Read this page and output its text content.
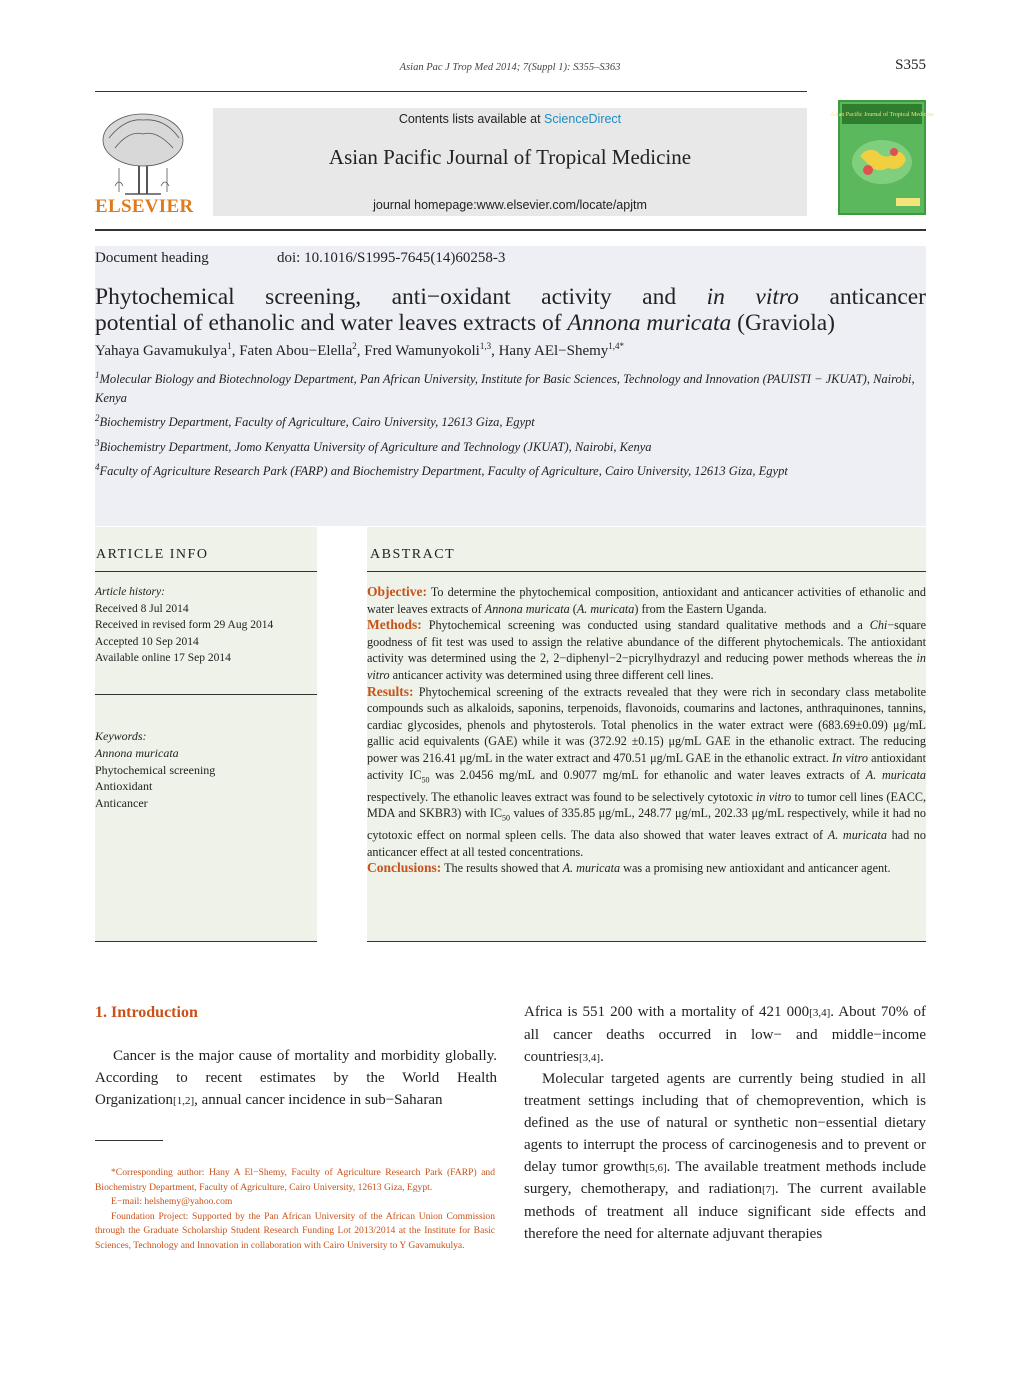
Asian Pac J Trop Med 2014; 7(Suppl 1): S355–S363	S355
ELSEVIER
Contents lists available at ScienceDirect
Asian Pacific Journal of Tropical Medicine
journal homepage:www.elsevier.com/locate/apjtm
Asian Pacific Journal of Tropical Medicine
Document heading	doi: 10.1016/S1995-7645(14)60258-3
Phytochemical screening, anti−oxidant activity and in vitro anticancer
potential of ethanolic and water leaves extracts of Annona muricata (Graviola)
Yahaya Gavamukulya$^1$, Faten Abou−Elella$^2$, Fred Wamunyokoli$^{1,3}$, Hany AEl−Shemy$^{1,4*}$
$^1$Molecular Biology and Biotechnology Department, Pan African University, Institute for Basic Sciences, Technology and Innovation (PAUISTI − JKUAT), Nairobi, Kenya
$^2$Biochemistry Department, Faculty of Agriculture, Cairo University, 12613 Giza, Egypt
$^3$Biochemistry Department, Jomo Kenyatta University of Agriculture and Technology (JKUAT), Nairobi, Kenya
$^4$Faculty of Agriculture Research Park (FARP) and Biochemistry Department, Faculty of Agriculture, Cairo University, 12613 Giza, Egypt
ARTICLE INFO	ABSTRACT
Article history:
Received 8 Jul 2014
Received in revised form 29 Aug 2014
Accepted 10 Sep 2014
Available online 17 Sep 2014
Keywords:
Annona muricata
Phytochemical screening
Antioxidant
Anticancer

Objective: To determine the phytochemical composition, antioxidant and anticancer activities of ethanolic and water leaves extracts of Annona muricata (A. muricata) from the Eastern Uganda.

Methods: Phytochemical screening was conducted using standard qualitative methods and a Chi−square goodness of fit test was used to assign the relative abundance of the different phytochemicals. The antioxidant activity was determined using the 2, 2−diphenyl−2−picrylhydrazyl and reducing power methods whereas the in vitro anticancer activity was determined using three different cell lines.

Results: Phytochemical screening of the extracts revealed that they were rich in secondary class metabolite compounds such as alkaloids, saponins, terpenoids, flavonoids, coumarins and lactones, anthraquinones, tannins, cardiac glycosides, phenols and phytosterols. Total phenolics in the water extract were (683.69±0.09) μg/mL gallic acid equivalents (GAE) while it was (372.92 ±0.15) μg/mL GAE in the ethanolic extract. The reducing power was 216.41 μg/mL in the water extract and 470.51 μg/mL GAE in the ethanolic extract. In vitro antioxidant activity $IC_{50}$ was 2.0456 mg/mL and 0.9077 mg/mL for ethanolic and water leaves extracts of A. muricata respectively. The ethanolic leaves extract was found to be selectively cytotoxic in vitro to tumor cell lines (EACC, MDA and SKBR3) with $IC_{50}$ values of 335.85 μg/mL, 248.77 μg/mL, 202.33 μg/mL respectively, while it had no cytotoxic effect on normal spleen cells. The data also showed that water leaves extract of A. muricata had no anticancer effect at all tested concentrations.

Conclusions: The results showed that A. muricata was a promising new antioxidant and anticancer agent.

1. Introduction

Cancer is the major cause of mortality and morbidity globally. According to recent estimates by the World Health Organization[1,2], annual cancer incidence in sub−Saharan

Africa is 551 200 with a mortality of 421 000[3,4]. About 70% of all cancer deaths occurred in low− and middle−income countries[3,4].

Molecular targeted agents are currently being studied in all treatment settings including that of chemoprevention, which is defined as the use of natural or synthetic non−essential dietary agents to interrupt the process of carcinogenesis and to prevent or delay tumor growth[5,6]. The available treatment methods include surgery, chemotherapy, and radiation[7]. The current available methods of treatment all induce significant side effects and therefore the need for alternate adjuvant therapies

*Corresponding author: Hany A El−Shemy, Faculty of Agriculture Research Park (FARP) and Biochemistry Department, Faculty of Agriculture, Cairo University, 12613 Giza, Egypt.

E−mail: helshemy@yahoo.com

Foundation Project: Supported by the Pan African University of the African Union Commission through the Graduate Scholarship Student Research Funding Lot 2013/2014 at the Institute for Basic Sciences, Technology and Innovation in collaboration with Cairo University to Y Gavamukulya.
